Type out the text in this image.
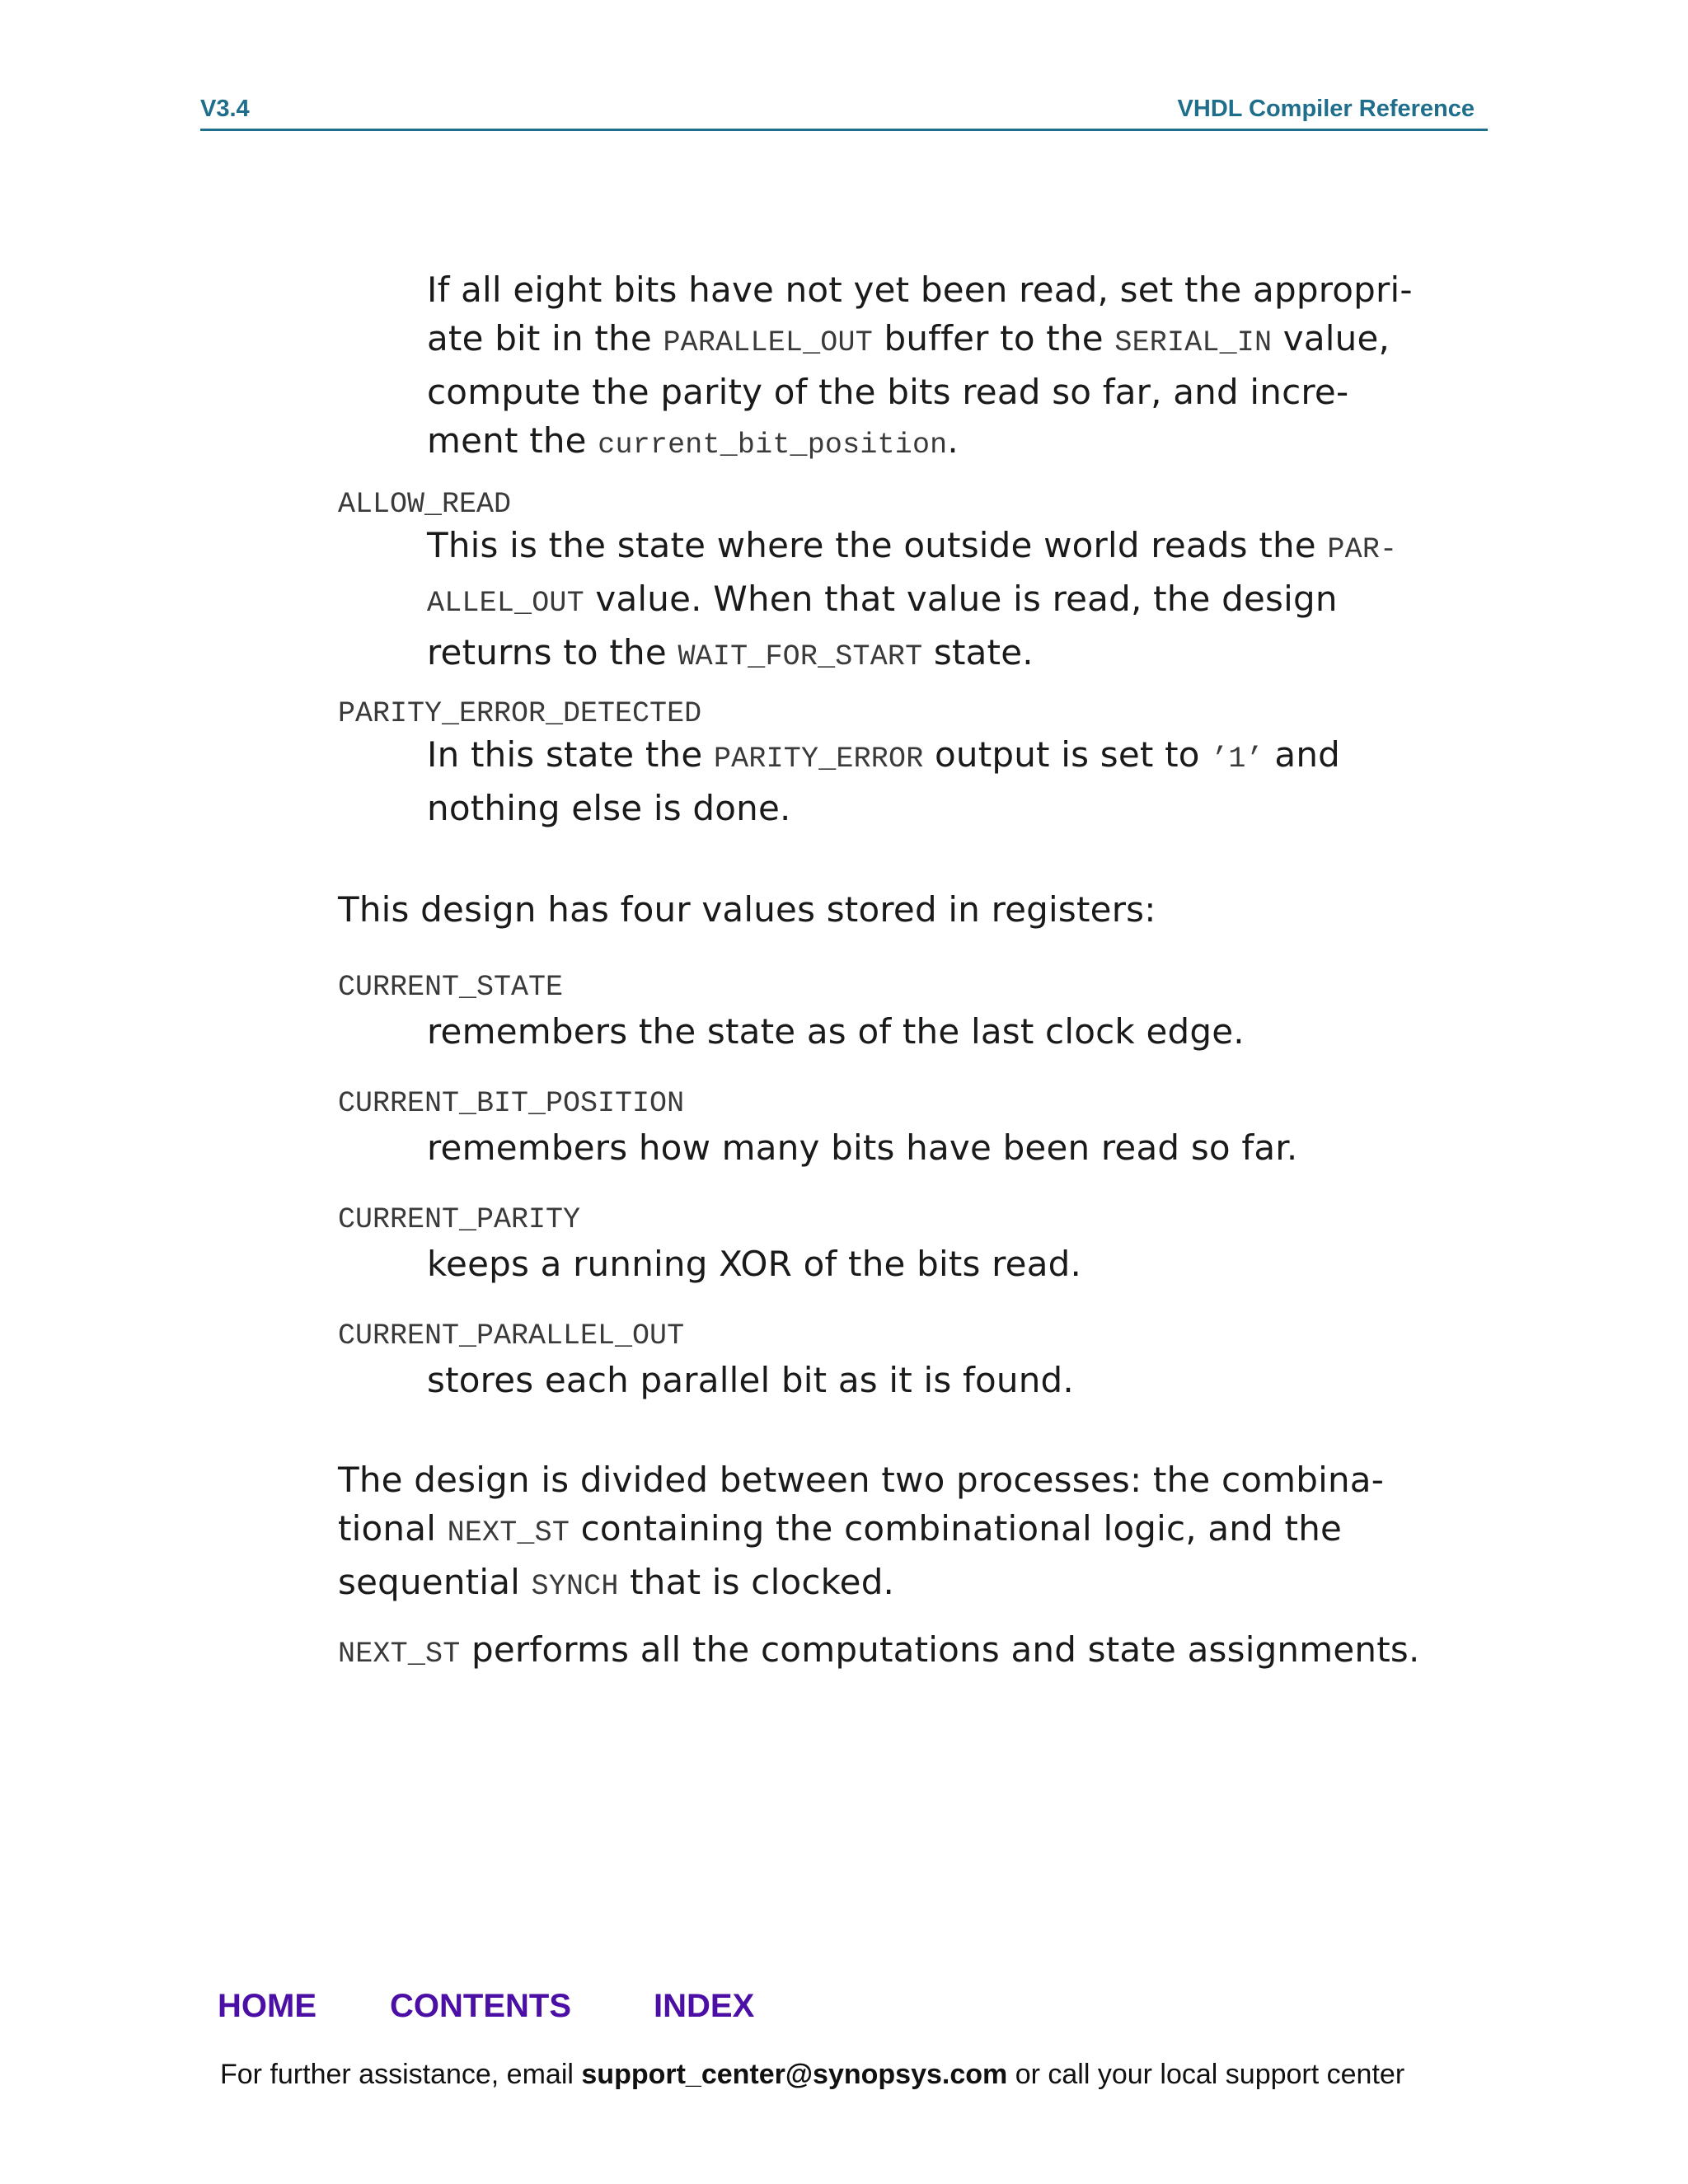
V3.4	VHDL Compiler Reference
If all eight bits have not yet been read, set the appropri-
ate bit in the PARALLEL_OUT buffer to the SERIAL_IN value,
compute the parity of the bits read so far, and incre-
ment the current_bit_position.
ALLOW_READ
This is the state where the outside world reads the PAR-
ALLEL_OUT value. When that value is read, the design
returns to the WAIT_FOR_START state.
PARITY_ERROR_DETECTED
In this state the PARITY_ERROR output is set to ’1’ and
nothing else is done.
This design has four values stored in registers:
CURRENT_STATE
remembers the state as of the last clock edge.
CURRENT_BIT_POSITION
remembers how many bits have been read so far.
CURRENT_PARITY
keeps a running XOR of the bits read.
CURRENT_PARALLEL_OUT
stores each parallel bit as it is found.
The design is divided between two processes: the combina-
tional NEXT_ST containing the combinational logic, and the
sequential SYNCH that is clocked.
NEXT_ST performs all the computations and state assignments.
HOME CONTENTS	INDEX
For further assistance, email support_center@synopsys.com or call your local support center
